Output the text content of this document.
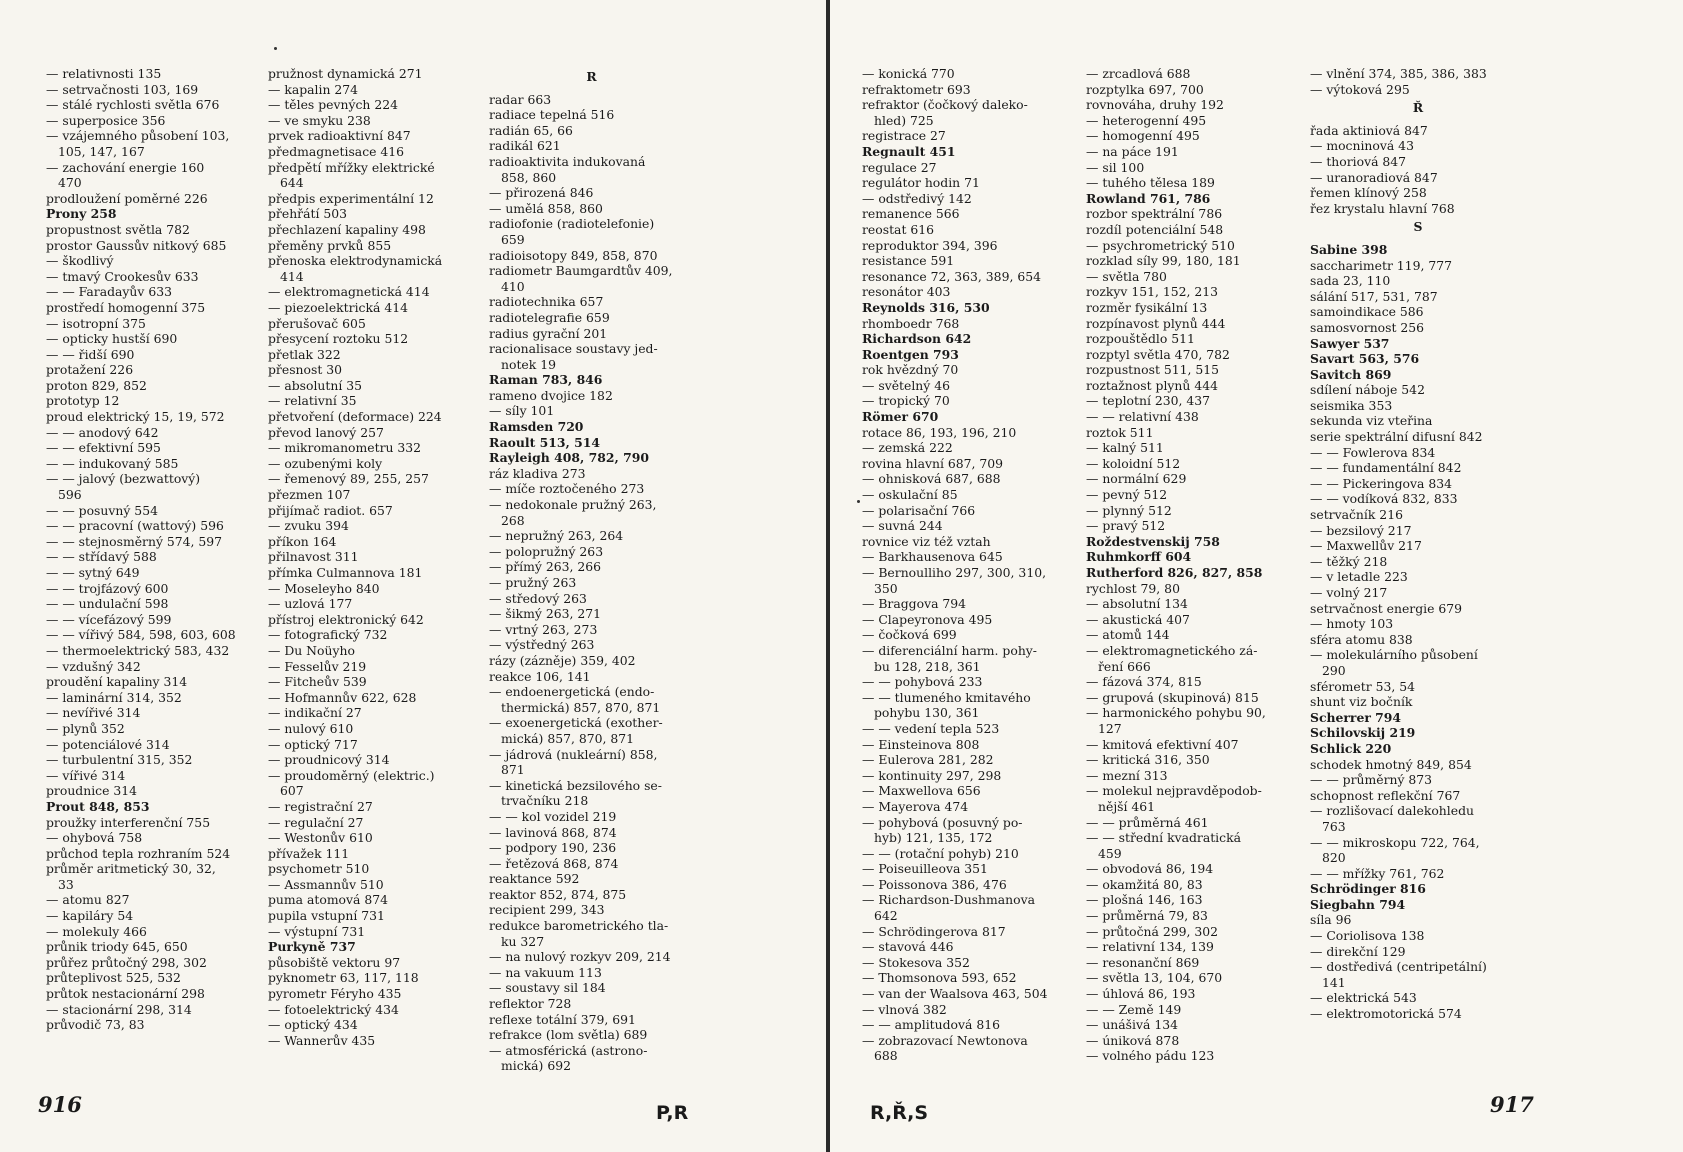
— relativnosti 135
— setrvačnosti 103, 169
— stálé rychlosti světla 676
— superposice 356
— vzájemného působení 103,
105, 147, 167
— zachování energie 160
470
prodloužení poměrné 226
Prony 258
propustnost světla 782
prostor Gaussův nitkový 685
— škodlivý
— tmavý Crookesův 633
— — Faradayův 633
prostředí homogenní 375
— isotropní 375
— opticky hustší 690
— — řidší 690
protažení 226
proton 829, 852
prototyp 12
proud elektrický 15, 19, 572
— — anodový 642
— — efektivní 595
— — indukovaný 585
— — jalový (bezwattový)
596
— — posuvný 554
— — pracovní (wattový) 596
— — stejnosměrný 574, 597
— — střídavý 588
— — sytný 649
— — trojfázový 600
— — undulační 598
— — vícefázový 599
— — vířivý 584, 598, 603, 608
— thermoelektrický 583, 432
— vzdušný 342
proudění kapaliny 314
— laminární 314, 352
— nevířivé 314
— plynů 352
— potenciálové 314
— turbulentní 315, 352
— vířivé 314
proudnice 314
Prout 848, 853
proužky interferenční 755
— ohybová 758
průchod tepla rozhraním 524
průměr aritmetický 30, 32,
33
— atomu 827
— kapiláry 54
— molekuly 466
průnik triody 645, 650
průřez průtočný 298, 302
průteplivost 525, 532
průtok nestacionární 298
— stacionární 298, 314
průvodič 73, 83
pružnost dynamická 271
— kapalin 274
— těles pevných 224
— ve smyku 238
prvek radioaktivní 847
předmagnetisace 416
předpětí mřížky elektrické
644
předpis experimentální 12
přehřátí 503
přechlazení kapaliny 498
přeměny prvků 855
přenoska elektrodynamická
414
— elektromagnetická 414
— piezoelektrická 414
přerušovač 605
přesycení roztoku 512
přetlak 322
přesnost 30
— absolutní 35
— relativní 35
přetvoření (deformace) 224
převod lanový 257
— mikromanometru 332
— ozubenými koly
— řemenový 89, 255, 257
přezmen 107
přijímač radiot. 657
— zvuku 394
příkon 164
přilnavost 311
přímka Culmannova 181
— Moseleyho 840
— uzlová 177
přístroj elektronický 642
— fotografický 732
— Du Noüyho
— Fesselův 219
— Fitcheův 539
— Hofmannův 622, 628
— indikační 27
— nulový 610
— optický 717
— proudnicový 314
— proudoměrný (elektric.)
607
— registrační 27
— regulační 27
— Westonův 610
přívažek 111
psychometr 510
— Assmannův 510
puma atomová 874
pupila vstupní 731
— výstupní 731
Purkyně 737
působiště vektoru 97
pyknometr 63, 117, 118
pyrometr Féryho 435
— fotoelektrický 434
— optický 434
— Wannerův 435
R
radar 663
radiace tepelná 516
radián 65, 66
radikál 621
radioaktivita indukovaná
858, 860
— přirozená 846
— umělá 858, 860
radiofonie (radiotelefonie)
659
radioisotopy 849, 858, 870
radiometr Baumgardtův 409,
410
radiotechnika 657
radiotelegrafie 659
radius gyrační 201
racionalisace soustavy jed-
notek 19
Raman 783, 846
rameno dvojice 182
— síly 101
Ramsden 720
Raoult 513, 514
Rayleigh 408, 782, 790
ráz kladiva 273
— míče roztočeného 273
— nedokonale pružný 263,
268
— nepružný 263, 264
— polopružný 263
— přímý 263, 266
— pružný 263
— středový 263
— šikmý 263, 271
— vrtný 263, 273
— výstředný 263
rázy (záznějе) 359, 402
reakce 106, 141
— endoenergetická (endo-
thermická) 857, 870, 871
— exoenergetická (exother-
mická) 857, 870, 871
— jádrová (nukleární) 858,
871
— kinetická bezsilového se-
trvačníku 218
— — kol vozidel 219
— lavinová 868, 874
— podpory 190, 236
— řetězová 868, 874
reaktance 592
reaktor 852, 874, 875
recipient 299, 343
redukce barometrického tla-
ku 327
— na nulový rozkyv 209, 214
— na vakuum 113
— soustavy sil 184
reflektor 728
reflexe totální 379, 691
refrakce (lom světla) 689
— atmosférická (astrono-
mická) 692
916	P,R
— konická 770
refraktometr 693
refraktor (čočkový daleko-
hled) 725
registrace 27
Regnault 451
regulace 27
regulátor hodin 71
— odstředivý 142
remanence 566
reostat 616
reproduktor 394, 396
resistance 591
resonance 72, 363, 389, 654
resonátor 403
Reynolds 316, 530
rhomboedr 768
Richardson 642
Roentgen 793
rok hvězdný 70
— světelný 46
— tropický 70
Römer 670
rotace 86, 193, 196, 210
— zemská 222
rovina hlavní 687, 709
— ohnisková 687, 688
— oskulační 85
— polarisační 766
— suvná 244
rovnice viz též vztah
— Barkhausenova 645
— Bernoulliho 297, 300, 310,
350
— Braggova 794
— Clapeyronova 495
— čočková 699
— diferenciální harm. pohy-
bu 128, 218, 361
— — pohybová 233
— — tlumeného kmitavého
pohybu 130, 361
— — vedení tepla 523
— Einsteinova 808
— Eulerova 281, 282
— kontinuity 297, 298
— Maxwellova 656
— Mayerova 474
— pohybová (posuvný po-
hyb) 121, 135, 172
— — (rotační pohyb) 210
— Poiseuilleova 351
— Poissonova 386, 476
— Richardson-Dushmanova
642
— Schrödingerova 817
— stavová 446
— Stokesova 352
— Thomsonova 593, 652
— van der Waalsova 463, 504
— vlnová 382
— — amplitudová 816
— zobrazovací Newtonova
688
— zrcadlová 688
rozptylka 697, 700
rovnováha, druhy 192
— heterogenní 495
— homogenní 495
— na páce 191
— sil 100
— tuhého tělesa 189
Rowland 761, 786
rozbor spektrální 786
rozdíl potenciální 548
— psychrometrický 510
rozklad síly 99, 180, 181
— světla 780
rozkyv 151, 152, 213
rozměr fysikální 13
rozpínavost plynů 444
rozpouštědlo 511
rozptyl světla 470, 782
rozpustnost 511, 515
roztažnost plynů 444
— teplotní 230, 437
— — relativní 438
roztok 511
— kalný 511
— koloidní 512
— normální 629
— pevný 512
— plynný 512
— pravý 512
Roždestvenskij 758
Ruhmkorff 604
Rutherford 826, 827, 858
rychlost 79, 80
— absolutní 134
— akustická 407
— atomů 144
— elektromagnetického zá-
ření 666
— fázová 374, 815
— grupová (skupinová) 815
— harmonického pohybu 90,
127
— kmitová efektivní 407
— kritická 316, 350
— mezní 313
— molekul nejpravděpodob-
nější 461
— — průměrná 461
— — střední kvadratická
459
— obvodová 86, 194
— okamžitá 80, 83
— plošná 146, 163
— průměrná 79, 83
— průtočná 299, 302
— relativní 134, 139
— resonanční 869
— světla 13, 104, 670
— úhlová 86, 193
— — Země 149
— unášivá 134
— úniková 878
— volného pádu 123
— vlnění 374, 385, 386, 383
— výtoková 295
Ř
řada aktiniová 847
— mocninová 43
— thoriová 847
— uranoradiová 847
řemen klínový 258
řez krystalu hlavní 768
S
Sabine 398
saccharimetr 119, 777
sada 23, 110
sálání 517, 531, 787
samoindikace 586
samosvornost 256
Sawyer 537
Savart 563, 576
Savitch 869
sdílení náboje 542
seismika 353
sekunda viz vteřina
serie spektrální difusní 842
— — Fowlerova 834
— — fundamentální 842
— — Pickeringova 834
— — vodíková 832, 833
setrvačník 216
— bezsilový 217
— Maxwellův 217
— těžký 218
— v letadle 223
— volný 217
setrvačnost energie 679
— hmoty 103
sféra atomu 838
— molekulárního působení
290
sférometr 53, 54
shunt viz bočník
Scherrer 794
Schilovskij 219
Schlick 220
schodek hmotný 849, 854
— — průměrný 873
schopnost reflekční 767
— rozlišovací dalekohledu
763
— — mikroskopu 722, 764,
820
— — mřížky 761, 762
Schrödinger 816
Siegbahn 794
síla 96
— Coriolisova 138
— direkční 129
— dostředivá (centripetální)
141
— elektrická 543
— elektromotorická 574
R,Ř,S	917
